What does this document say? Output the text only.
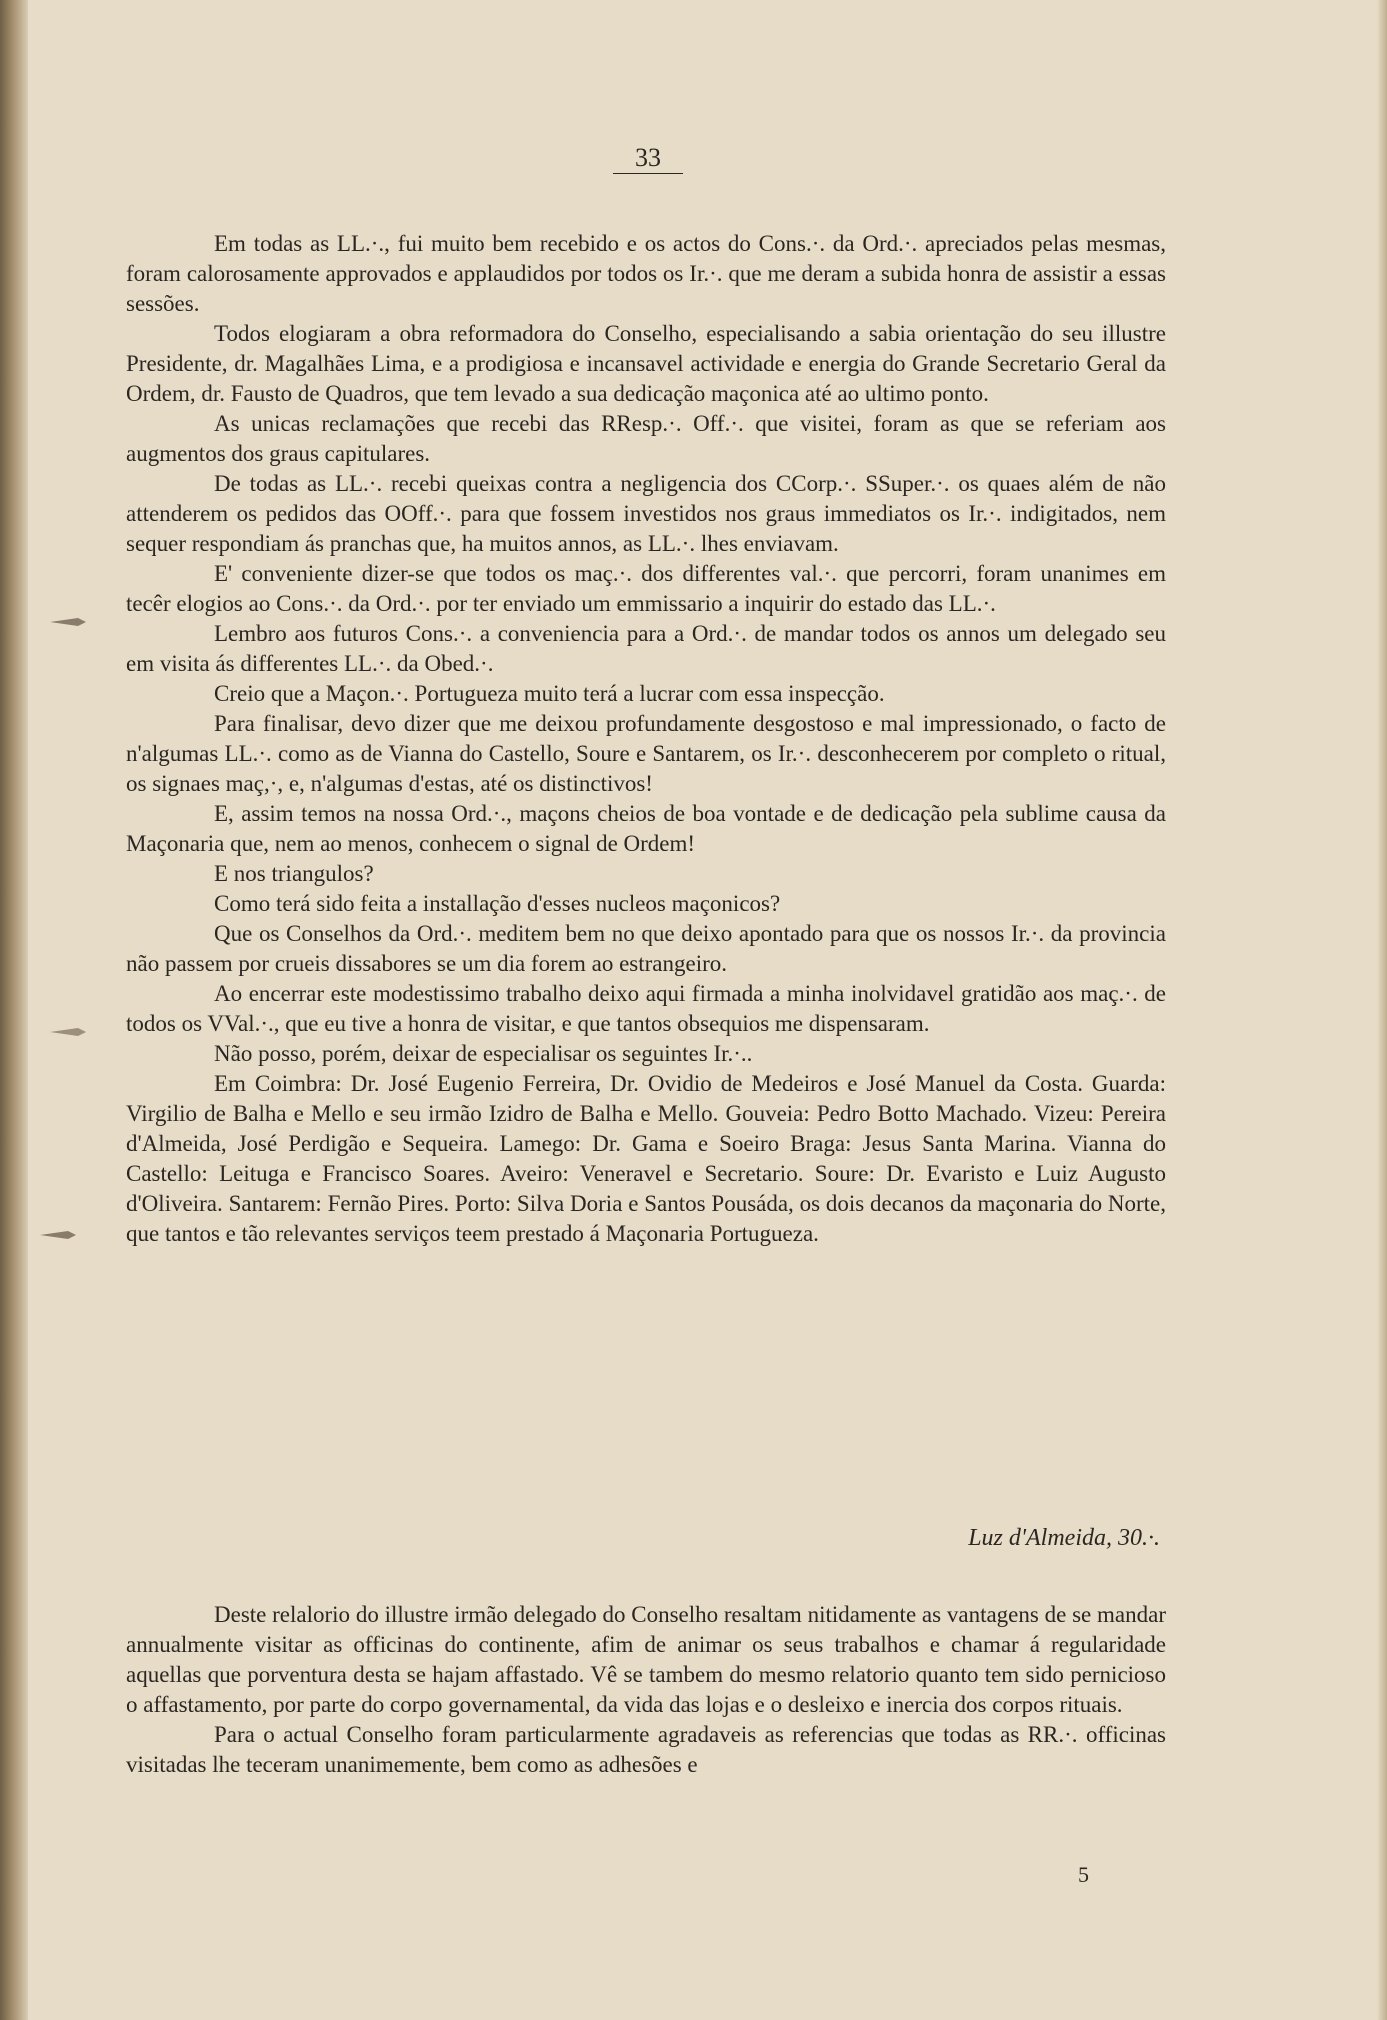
33

Em todas as LL.·., fui muito bem recebido e os actos do Cons.·. da Ord.·. apreciados pelas mesmas, foram calorosamente approvados e applaudidos por todos os Ir.·. que me deram a subida honra de assistir a essas sessões.

Todos elogiaram a obra reformadora do Conselho, especialisando a sabia orientação do seu illustre Presidente, dr. Magalhães Lima, e a prodigiosa e incansavel actividade e energia do Grande Secretario Geral da Ordem, dr. Fausto de Quadros, que tem levado a sua dedicação maçonica até ao ultimo ponto.

As unicas reclamações que recebi das RResp.·. Off.·. que visitei, foram as que se referiam aos augmentos dos graus capitulares.

De todas as LL.·. recebi queixas contra a negligencia dos CCorp.·. SSuper.·. os quaes além de não attenderem os pedidos das OOff.·. para que fossem investidos nos graus immediatos os Ir.·. indigitados, nem sequer respondiam ás pranchas que, ha muitos annos, as LL.·. lhes enviavam.

E' conveniente dizer-se que todos os maç.·. dos differentes val.·. que percorri, foram unanimes em tecêr elogios ao Cons.·. da Ord.·. por ter enviado um emmissario a inquirir do estado das LL.·.

Lembro aos futuros Cons.·. a conveniencia para a Ord.·. de mandar todos os annos um delegado seu em visita ás differentes LL.·. da Obed.·.

Creio que a Maçon.·. Portugueza muito terá a lucrar com essa inspecção.

Para finalisar, devo dizer que me deixou profundamente desgostoso e mal impressionado, o facto de n'algumas LL.·. como as de Vianna do Castello, Soure e Santarem, os Ir.·. desconhecerem por completo o ritual, os signaes maç,·, e, n'algumas d'estas, até os distinctivos!

E, assim temos na nossa Ord.·., maçons cheios de boa vontade e de dedicação pela sublime causa da Maçonaria que, nem ao menos, conhecem o signal de Ordem!

E nos triangulos?

Como terá sido feita a installação d'esses nucleos maçonicos?

Que os Conselhos da Ord.·. meditem bem no que deixo apontado para que os nossos Ir.·. da provincia não passem por crueis dissabores se um dia forem ao estrangeiro.

Ao encerrar este modestissimo trabalho deixo aqui firmada a minha inolvidavel gratidão aos maç.·. de todos os VVal.·., que eu tive a honra de visitar, e que tantos obsequios me dispensaram.

Não posso, porém, deixar de especialisar os seguintes Ir.·..

Em Coimbra: Dr. José Eugenio Ferreira, Dr. Ovidio de Medeiros e José Manuel da Costa. Guarda: Virgilio de Balha e Mello e seu irmão Izidro de Balha e Mello. Gouveia: Pedro Botto Machado. Vizeu: Pereira d'Almeida, José Perdigão e Sequeira. Lamego: Dr. Gama e Soeiro Braga: Jesus Santa Marina. Vianna do Castello: Leituga e Francisco Soares. Aveiro: Veneravel e Secretario. Soure: Dr. Evaristo e Luiz Augusto d'Oliveira. Santarem: Fernão Pires. Porto: Silva Doria e Santos Pousáda, os dois decanos da maçonaria do Norte, que tantos e tão relevantes serviços teem prestado á Maçonaria Portugueza.

Luz d'Almeida, 30.·.

Deste relalorio do illustre irmão delegado do Conselho resaltam nitidamente as vantagens de se mandar annualmente visitar as officinas do continente, afim de animar os seus trabalhos e chamar á regularidade aquellas que porventura desta se hajam affastado. Vê se tambem do mesmo relatorio quanto tem sido pernicioso o affastamento, por parte do corpo governamental, da vida das lojas e o desleixo e inercia dos corpos rituais.

Para o actual Conselho foram particularmente agradaveis as referencias que todas as RR.·. officinas visitadas lhe teceram unanimemente, bem como as adhesões e

5
